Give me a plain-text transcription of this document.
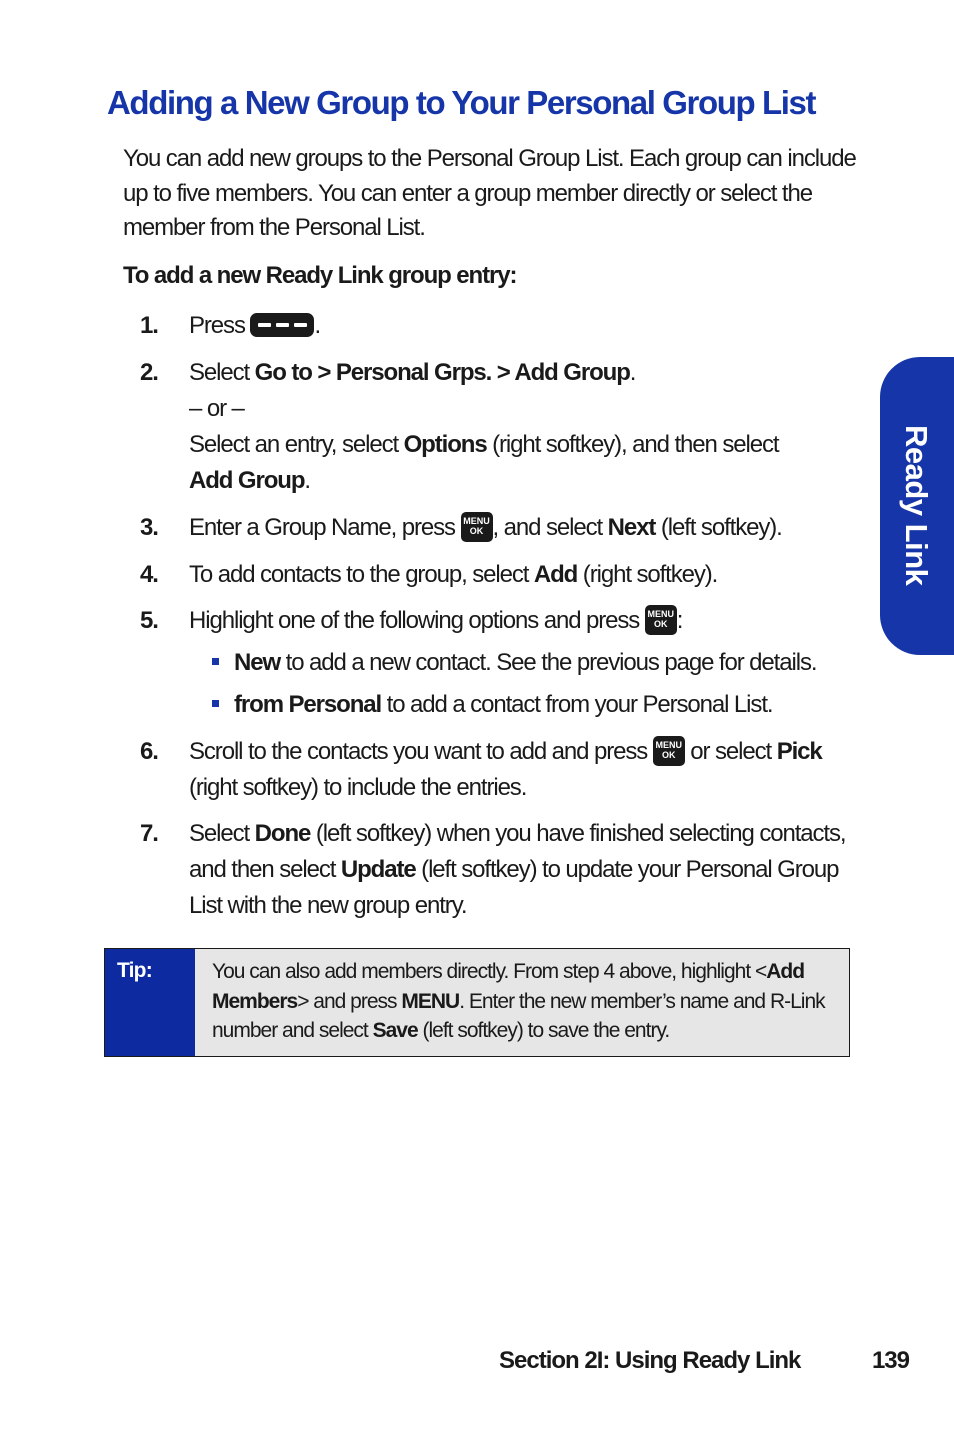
Adding a New Group to Your Personal Group List

You can add new groups to the Personal Group List. Each group can include up to five members. You can enter a group member directly or select the member from the Personal List.

To add a new Ready Link group entry:

1.	Press	.
2.	Select Go to > Personal Grps. > Add Group.
– or –
Select an entry, select Options (right softkey), and then select
Add Group.
3.	Enter a Group Name, press MENU
OK , and select Next (left softkey).
4.	To add contacts to the group, select Add (right softkey).
5.	Highlight one of the following options and press MENU
OK :
New to add a new contact. See the previous page for details.
from Personal to add a contact from your Personal List.
6.	Scroll to the contacts you want to add and press MENU
OK or select Pick (right softkey) to include the entries.
7.	Select Done (left softkey) when you have finished selecting contacts, and then select Update (left softkey) to update your Personal Group List with the new group entry.
Tip:	You can also add members directly. From step 4 above, highlight <Add Members> and press MENU. Enter the new member’s name and R-Link number and select Save (left softkey) to save the entry.
Ready Link
Section 2I: Using Ready Link	139
